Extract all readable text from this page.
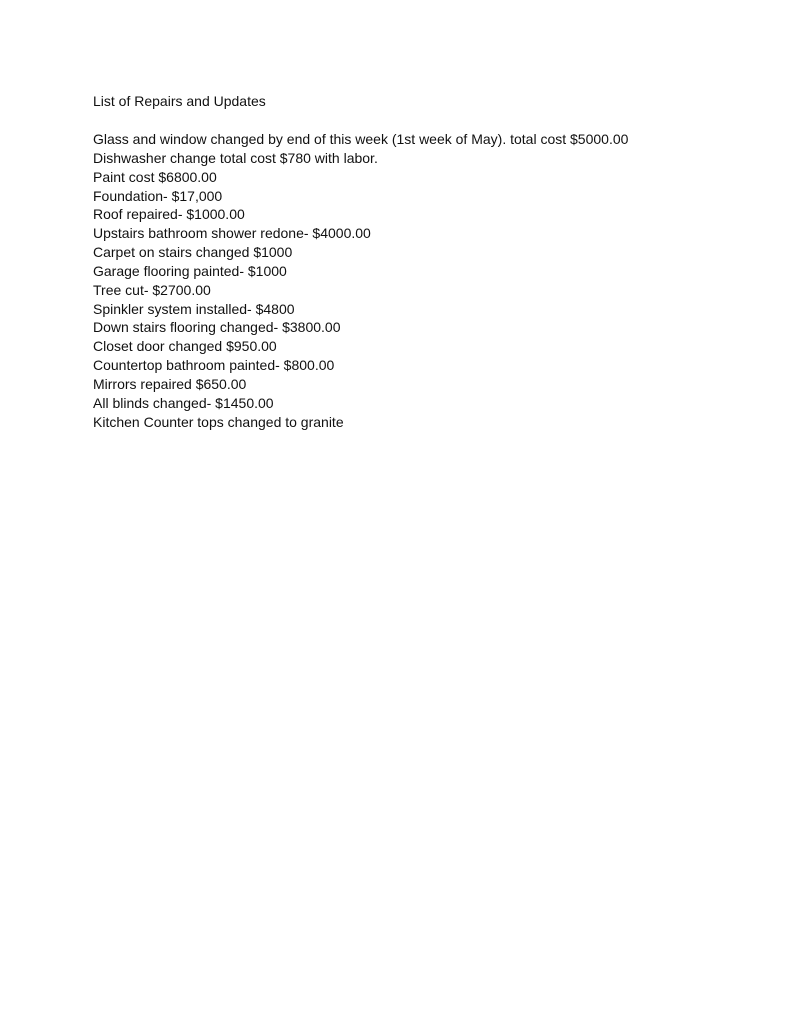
List of Repairs and Updates
Glass and window changed by end of this week (1st week of May). total cost $5000.00
Dishwasher change total cost $780 with labor.
Paint cost $6800.00
Foundation- $17,000
Roof repaired- $1000.00
Upstairs bathroom shower redone- $4000.00
Carpet on stairs changed $1000
Garage flooring painted- $1000
Tree cut- $2700.00
Spinkler system installed- $4800
Down stairs flooring changed- $3800.00
Closet door changed $950.00
Countertop bathroom painted- $800.00
Mirrors repaired $650.00
All blinds changed- $1450.00
Kitchen Counter tops changed to granite
